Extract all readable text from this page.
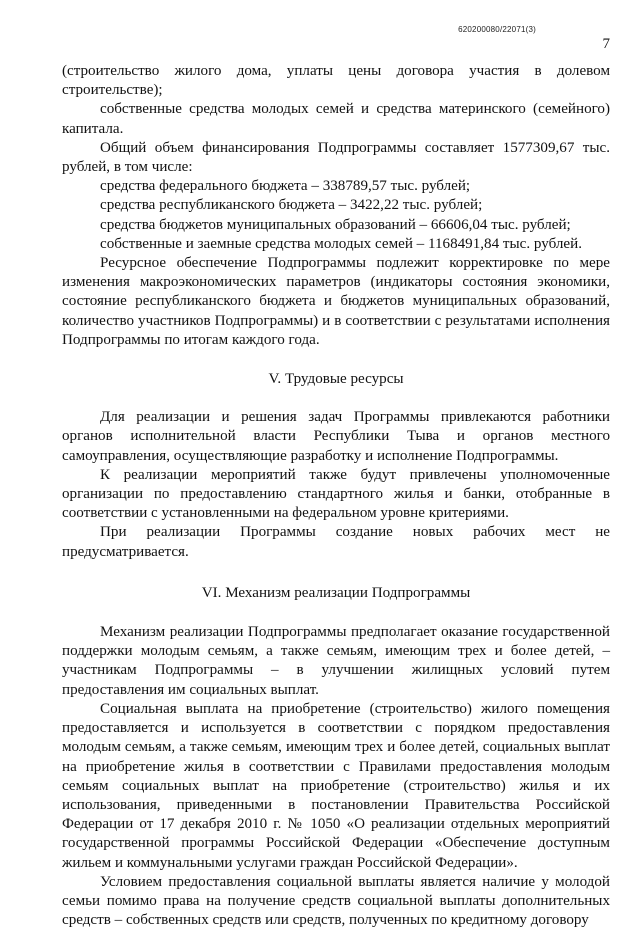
620200080/22071(3)
7

(строительство жилого дома, уплаты цены договора участия в долевом строительстве);

собственные средства молодых семей и средства материнского (семейного) капитала.

Общий объем финансирования Подпрограммы составляет 1577309,67 тыс. рублей, в том числе:

средства федерального бюджета – 338789,57 тыс. рублей;

средства республиканского бюджета – 3422,22 тыс. рублей;

средства бюджетов муниципальных образований – 66606,04 тыс. рублей;

собственные и заемные средства молодых семей – 1168491,84 тыс. рублей.

Ресурсное обеспечение Подпрограммы подлежит корректировке по мере изменения макроэкономических параметров (индикаторы состояния экономики, состояние республиканского бюджета и бюджетов муниципальных образований, количество участников Подпрограммы) и в соответствии с результатами исполнения Подпрограммы по итогам каждого года.

V. Трудовые ресурсы

Для реализации и решения задач Программы привлекаются работники органов исполнительной власти Республики Тыва и органов местного самоуправления, осуществляющие разработку и исполнение Подпрограммы.

К реализации мероприятий также будут привлечены уполномоченные организации по предоставлению стандартного жилья и банки, отобранные в соответствии с установленными на федеральном уровне критериями.

При реализации Программы создание новых рабочих мест не предусматривается.

VI. Механизм реализации Подпрограммы

Механизм реализации Подпрограммы предполагает оказание государственной поддержки молодым семьям, а также семьям, имеющим трех и более детей, – участникам Подпрограммы – в улучшении жилищных условий путем предоставления им социальных выплат.

Социальная выплата на приобретение (строительство) жилого помещения предоставляется и используется в соответствии с порядком предоставления молодым семьям, а также семьям, имеющим трех и более детей, социальных выплат на приобретение жилья в соответствии с Правилами предоставления молодым семьям социальных выплат на приобретение (строительство) жилья и их использования, приведенными в постановлении Правительства Российской Федерации от 17 декабря 2010 г. № 1050 «О реализации отдельных мероприятий государственной программы Российской Федерации «Обеспечение доступным жильем и коммунальными услугами граждан Российской Федерации».

Условием предоставления социальной выплаты является наличие у молодой семьи помимо права на получение средств социальной выплаты дополнительных средств – собственных средств или средств, полученных по кредитному договору
